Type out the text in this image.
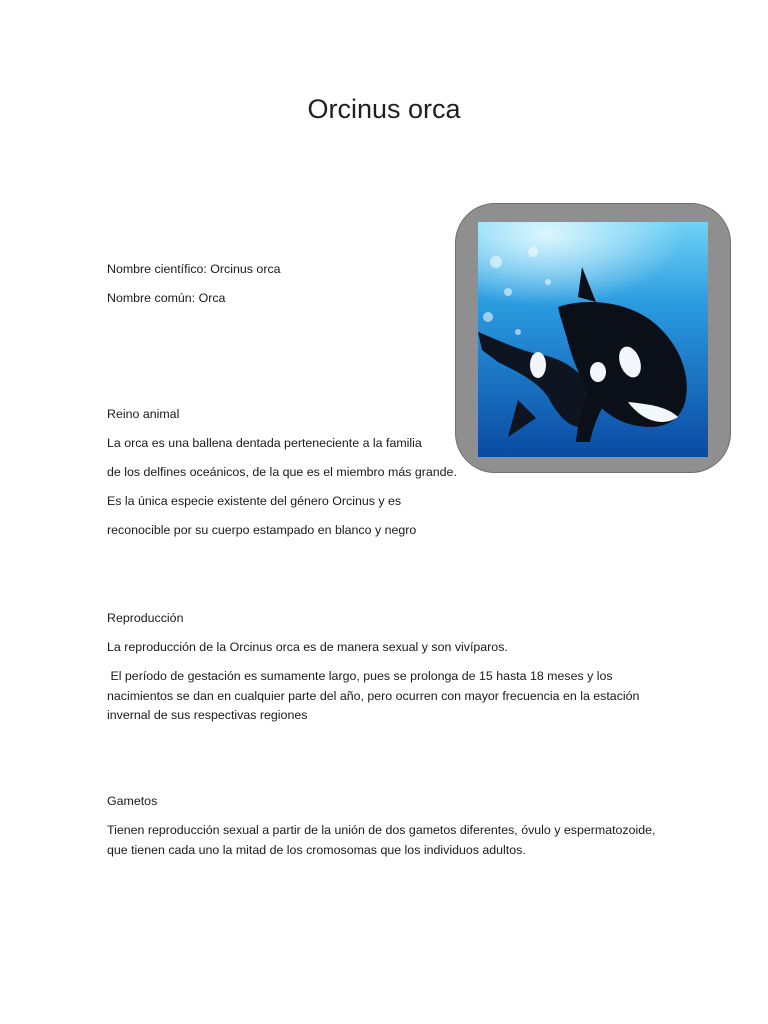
Orcinus orca
Nombre científico: Orcinus orca
Nombre común: Orca
Reino animal
La orca es una ballena dentada perteneciente a la familia
de los delfines oceánicos, de la que es el miembro más grande.
Es la única especie existente del género Orcinus y es
reconocible por su cuerpo estampado en blanco y negro
Reproducción
La reproducción de la Orcinus orca es de manera sexual y son vivíparos.
El período de gestación es sumamente largo, pues se prolonga de 15 hasta 18 meses y los nacimientos se dan en cualquier parte del año, pero ocurren con mayor frecuencia en la estación invernal de sus respectivas regiones
Gametos
Tienen reproducción sexual a partir de la unión de dos gametos diferentes, óvulo y espermatozoide, que tienen cada uno la mitad de los cromosomas que los individuos adultos.
